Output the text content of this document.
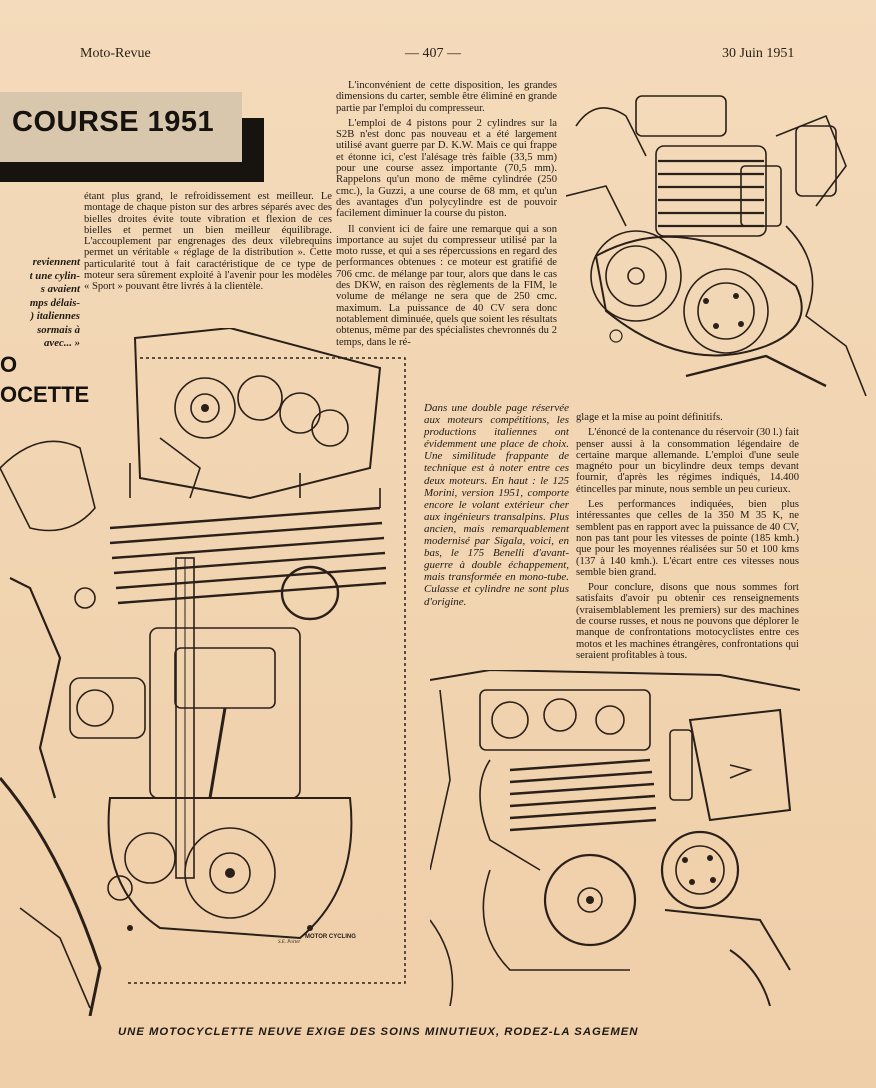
Moto-Revue	— 407 —	30 Juin 1951
COURSE 1951
reviennent
t une cylin-
s avaient
mps délais-
) italiennes
sormais à
avec... »

étant plus grand, le refroidissement est meilleur. Le montage de chaque piston sur des arbres séparés avec des bielles droites évite toute vibration et flexion de ces bielles et permet un bien meilleur équilibrage. L'accouplement par engrenages des deux vilebrequins permet un véritable « réglage de la distribution ». Cette particularité tout à fait caractéristique de ce type de moteur sera sûrement exploité à l'avenir pour les modèles « Sport » pouvant être livrés à la clientèle.

L'inconvénient de cette disposition, les grandes dimensions du carter, semble être éliminé en grande partie par l'emploi du compresseur.

L'emploi de 4 pistons pour 2 cylindres sur la S2B n'est donc pas nouveau et a été largement utilisé avant guerre par D. K.W. Mais ce qui frappe et étonne ici, c'est l'alésage très faible (33,5 mm) pour une course assez importante (70,5 mm). Rappelons qu'un mono de même cylindrée (250 cmc.), la Guzzi, a une course de 68 mm, et qu'un des avantages d'un polycylindre est de pouvoir facilement diminuer la course du piston.

Il convient ici de faire une remarque qui a son importance au sujet du compresseur utilisé par la moto russe, et qui a ses répercussions en regard des performances obtenues : ce moteur est gratifié de 706 cmc. de mélange par tour, alors que dans le cas des DKW, en raison des règlements de la FIM, le volume de mélange ne sera que de 250 cmc. maximum. La puissance de 40 CV sera donc notablement diminuée, quels que soient les résultats obtenus, même par des spécialistes chevronnés du 2 temps, dans le ré-

Dans une double page réservée aux moteurs compétitions, les productions italiennes ont évidemment une place de choix. Une similitude frappante de technique est à noter entre ces deux moteurs. En haut : le 125 Morini, version 1951, comporte encore le volant extérieur cher aux ingénieurs transalpins. Plus ancien, mais remarquablement modernisé par Sigala, voici, en bas, le 175 Benelli d'avant-guerre à double échappement, mais transformée en mono-tube. Culasse et cylindre ne sont plus d'origine.

glage et la mise au point définitifs.

L'énoncé de la contenance du réservoir (30 l.) fait penser aussi à la consommation légendaire de certaine marque allemande. L'emploi d'une seule magnéto pour un bicylindre deux temps devant fournir, d'après les régimes indiqués, 14.400 étincelles par minute, nous semble un peu curieux.

Les performances indiquées, bien plus intéressantes que celles de la 350 M 35 K, ne semblent pas en rapport avec la puissance de 40 CV, non pas tant pour les vitesses de pointe (185 kmh.) que pour les moyennes réalisées sur 50 et 100 kms (137 à 140 kmh.). L'écart entre ces vitesses nous semble bien grand.

Pour conclure, disons que nous sommes fort satisfaits d'avoir pu obtenir ces renseignements (vraisemblablement les premiers) sur des machines de course russes, et nous ne pouvons que déplorer le manque de confrontations motocyclistes entre ces motos et les machines étrangères, confrontations qui seraient profitables à tous.

O
OCETTE
MOTOR CYCLING
S.E. Porter
UNE MOTOCYCLETTE NEUVE EXIGE DES SOINS MINUTIEUX, RODEZ-LA SAGEMEN
